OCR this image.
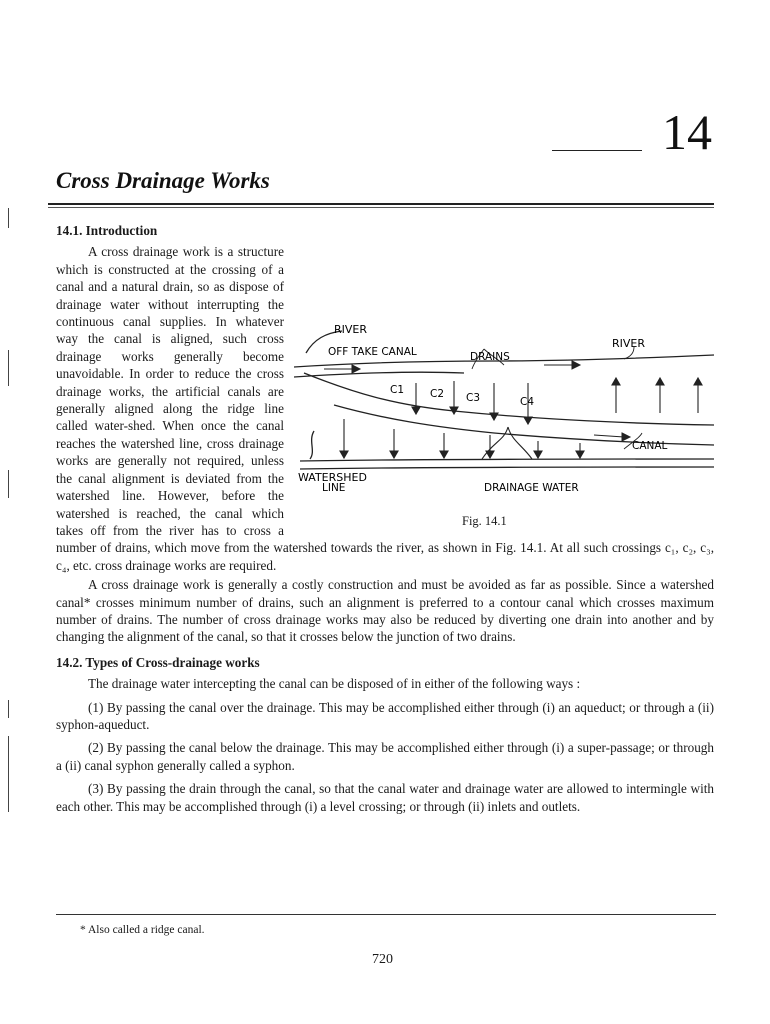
14
Cross Drainage Works
14.1. Introduction
RIVER
OFF TAKE CANAL	DRAINS
RIVER
CANAL
WATERSHED
LINE	DRAINAGE WATER
C1 C2 C3	C4
Fig. 14.1

A cross drainage work is a structure which is constructed at the crossing of a canal and a natural drain, so as dispose of drainage water without interrupting the continuous canal supplies. In whatever way the canal is aligned, such cross drainage works generally become unavoidable. In order to reduce the cross drainage works, the artificial canals are generally aligned along the ridge line called water-shed. When once the canal reaches the watershed line, cross drainage works are generally not required, unless the canal alignment is deviated from the watershed line. However, before the watershed is reached, the canal which takes off from the river has to cross a number of drains, which move from the watershed towards the river, as shown in Fig. 14.1. At all such crossings c₁, c₂, c₃, c₄, etc. cross drainage works are required.

A cross drainage work is generally a costly construction and must be avoided as far as possible. Since a watershed canal* crosses minimum number of drains, such an alignment is preferred to a contour canal which crosses maximum number of drains. The number of cross drainage works may also be reduced by diverting one drain into another and by changing the alignment of the canal, so that it crosses below the junction of two drains.

14.2. Types of Cross-drainage works

The drainage water intercepting the canal can be disposed of in either of the following ways :

(1) By passing the canal over the drainage. This may be accomplished either through (i) an aqueduct; or through a (ii) syphon-aqueduct.

(2) By passing the canal below the drainage. This may be accomplished either through (i) a super-passage; or through a (ii) canal syphon generally called a syphon.

(3) By passing the drain through the canal, so that the canal water and drainage water are allowed to intermingle with each other. This may be accomplished through (i) a level crossing; or through (ii) inlets and outlets.

* Also called a ridge canal.
720
